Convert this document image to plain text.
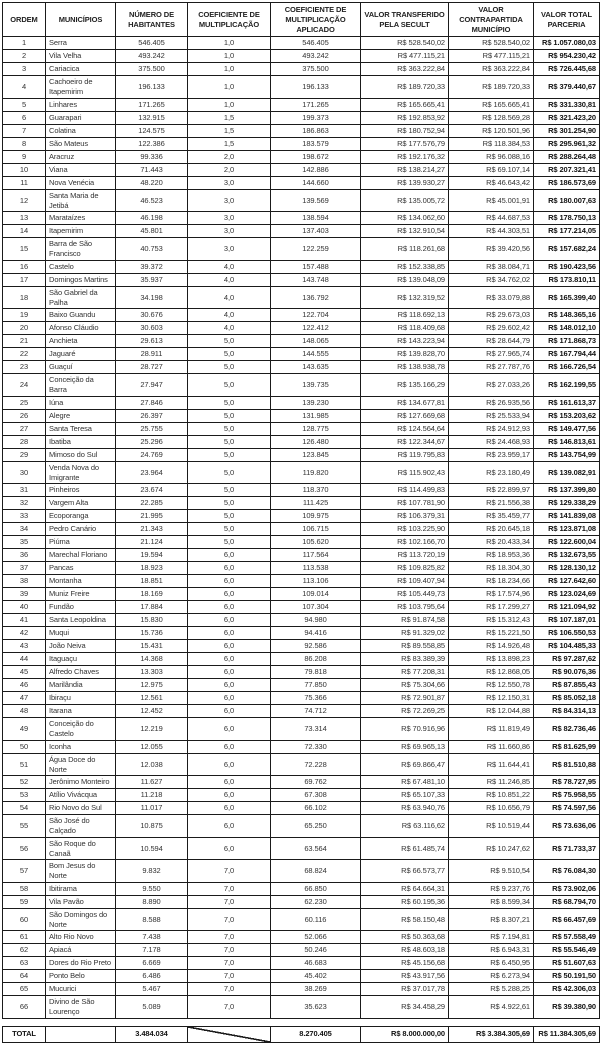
ORDEM	MUNICÍPIOS	NÚMERO DE HABITANTES	COEFICIENTE DE MULTIPLICAÇÃO	COEFICIENTE DE MULTIPLICAÇÃO APLICADO	VALOR TRANSFERIDO PELA SECULT	VALOR CONTRAPARTIDA MUNICÍPIO	VALOR TOTAL PARCERIA
1	Serra	546.405	1,0	546.405	R$ 528.540,02	R$ 528.540,02	R$ 1.057.080,03
2	Vila Velha	493.242	1,0	493.242	R$ 477.115,21	R$ 477.115,21	R$ 954.230,42
3	Cariacica	375.500	1,0	375.500	R$ 363.222,84	R$ 363.222,84	R$ 726.445,68
4	Cachoeiro de Itapemirim	196.133	1,0	196.133	R$ 189.720,33	R$ 189.720,33	R$ 379.440,67
5	Linhares	171.265	1,0	171.265	R$ 165.665,41	R$ 165.665,41	R$ 331.330,81
6	Guarapari	132.915	1,5	199.373	R$ 192.853,92	R$ 128.569,28	R$ 321.423,20
7	Colatina	124.575	1,5	186.863	R$ 180.752,94	R$ 120.501,96	R$ 301.254,90
8	São Mateus	122.386	1,5	183.579	R$ 177.576,79	R$ 118.384,53	R$ 295.961,32
9	Aracruz	99.336	2,0	198.672	R$ 192.176,32	R$ 96.088,16	R$ 288.264,48
10	Viana	71.443	2,0	142.886	R$ 138.214,27	R$ 69.107,14	R$ 207.321,41
11	Nova Venécia	48.220	3,0	144.660	R$ 139.930,27	R$ 46.643,42	R$ 186.573,69
12	Santa Maria de Jetibá	46.523	3,0	139.569	R$ 135.005,72	R$ 45.001,91	R$ 180.007,63
13	Marataízes	46.198	3,0	138.594	R$ 134.062,60	R$ 44.687,53	R$ 178.750,13
14	Itapemirim	45.801	3,0	137.403	R$ 132.910,54	R$ 44.303,51	R$ 177.214,05
15	Barra de São Francisco	40.753	3,0	122.259	R$ 118.261,68	R$ 39.420,56	R$ 157.682,24
16	Castelo	39.372	4,0	157.488	R$ 152.338,85	R$ 38.084,71	R$ 190.423,56
17	Domingos Martins	35.937	4,0	143.748	R$ 139.048,09	R$ 34.762,02	R$ 173.810,11
18	São Gabriel da Palha	34.198	4,0	136.792	R$ 132.319,52	R$ 33.079,88	R$ 165.399,40
19	Baixo Guandu	30.676	4,0	122.704	R$ 118.692,13	R$ 29.673,03	R$ 148.365,16
20	Afonso Cláudio	30.603	4,0	122.412	R$ 118.409,68	R$ 29.602,42	R$ 148.012,10
21	Anchieta	29.613	5,0	148.065	R$ 143.223,94	R$ 28.644,79	R$ 171.868,73
22	Jaguaré	28.911	5,0	144.555	R$ 139.828,70	R$ 27.965,74	R$ 167.794,44
23	Guaçuí	28.727	5,0	143.635	R$ 138.938,78	R$ 27.787,76	R$ 166.726,54
24	Conceição da Barra	27.947	5,0	139.735	R$ 135.166,29	R$ 27.033,26	R$ 162.199,55
25	Iúna	27.846	5,0	139.230	R$ 134.677,81	R$ 26.935,56	R$ 161.613,37
26	Alegre	26.397	5,0	131.985	R$ 127.669,68	R$ 25.533,94	R$ 153.203,62
27	Santa Teresa	25.755	5,0	128.775	R$ 124.564,64	R$ 24.912,93	R$ 149.477,56
28	Ibatiba	25.296	5,0	126.480	R$ 122.344,67	R$ 24.468,93	R$ 146.813,61
29	Mimoso do Sul	24.769	5,0	123.845	R$ 119.795,83	R$ 23.959,17	R$ 143.754,99
30	Venda Nova do Imigrante	23.964	5,0	119.820	R$ 115.902,43	R$ 23.180,49	R$ 139.082,91
31	Pinheiros	23.674	5,0	118.370	R$ 114.499,83	R$ 22.899,97	R$ 137.399,80
32	Vargem Alta	22.285	5,0	111.425	R$ 107.781,90	R$ 21.556,38	R$ 129.338,29
33	Ecoporanga	21.995	5,0	109.975	R$ 106.379,31	R$ 35.459,77	R$ 141.839,08
34	Pedro Canário	21.343	5,0	106.715	R$ 103.225,90	R$ 20.645,18	R$ 123.871,08
35	Piúma	21.124	5,0	105.620	R$ 102.166,70	R$ 20.433,34	R$ 122.600,04
36	Marechal Floriano	19.594	6,0	117.564	R$ 113.720,19	R$ 18.953,36	R$ 132.673,55
37	Pancas	18.923	6,0	113.538	R$ 109.825,82	R$ 18.304,30	R$ 128.130,12
38	Montanha	18.851	6,0	113.106	R$ 109.407,94	R$ 18.234,66	R$ 127.642,60
39	Muniz Freire	18.169	6,0	109.014	R$ 105.449,73	R$ 17.574,96	R$ 123.024,69
40	Fundão	17.884	6,0	107.304	R$ 103.795,64	R$ 17.299,27	R$ 121.094,92
41	Santa Leopoldina	15.830	6,0	94.980	R$ 91.874,58	R$ 15.312,43	R$ 107.187,01
42	Muqui	15.736	6,0	94.416	R$ 91.329,02	R$ 15.221,50	R$ 106.550,53
43	João Neiva	15.431	6,0	92.586	R$ 89.558,85	R$ 14.926,48	R$ 104.485,33
44	Itaguaçu	14.368	6,0	86.208	R$ 83.389,39	R$ 13.898,23	R$ 97.287,62
45	Alfredo Chaves	13.303	6,0	79.818	R$ 77.208,31	R$ 12.868,05	R$ 90.076,36
46	Marilândia	12.975	6,0	77.850	R$ 75.304,66	R$ 12.550,78	R$ 87.855,43
47	Ibiraçu	12.561	6,0	75.366	R$ 72.901,87	R$ 12.150,31	R$ 85.052,18
48	Itarana	12.452	6,0	74.712	R$ 72.269,25	R$ 12.044,88	R$ 84.314,13
49	Conceição do Castelo	12.219	6,0	73.314	R$ 70.916,96	R$ 11.819,49	R$ 82.736,46
50	Iconha	12.055	6,0	72.330	R$ 69.965,13	R$ 11.660,86	R$ 81.625,99
51	Água Doce do Norte	12.038	6,0	72.228	R$ 69.866,47	R$ 11.644,41	R$ 81.510,88
52	Jerônimo Monteiro	11.627	6,0	69.762	R$ 67.481,10	R$ 11.246,85	R$ 78.727,95
53	Atílio Vivácqua	11.218	6,0	67.308	R$ 65.107,33	R$ 10.851,22	R$ 75.958,55
54	Rio Novo do Sul	11.017	6,0	66.102	R$ 63.940,76	R$ 10.656,79	R$ 74.597,56
55	São José do Calçado	10.875	6,0	65.250	R$ 63.116,62	R$ 10.519,44	R$ 73.636,06
56	São Roque do Canaã	10.594	6,0	63.564	R$ 61.485,74	R$ 10.247,62	R$ 71.733,37
57	Bom Jesus do Norte	9.832	7,0	68.824	R$ 66.573,77	R$ 9.510,54	R$ 76.084,30
58	Ibitirama	9.550	7,0	66.850	R$ 64.664,31	R$ 9.237,76	R$ 73.902,06
59	Vila Pavão	8.890	7,0	62.230	R$ 60.195,36	R$ 8.599,34	R$ 68.794,70
60	São Domingos do Norte	8.588	7,0	60.116	R$ 58.150,48	R$ 8.307,21	R$ 66.457,69
61	Alto Rio Novo	7.438	7,0	52.066	R$ 50.363,68	R$ 7.194,81	R$ 57.558,49
62	Apiacá	7.178	7,0	50.246	R$ 48.603,18	R$ 6.943,31	R$ 55.546,49
63	Dores do Rio Preto	6.669	7,0	46.683	R$ 45.156,68	R$ 6.450,95	R$ 51.607,63
64	Ponto Belo	6.486	7,0	45.402	R$ 43.917,56	R$ 6.273,94	R$ 50.191,50
65	Mucurici	5.467	7,0	38.269	R$ 37.017,78	R$ 5.288,25	R$ 42.306,03
66	Divino de São Lourenço	5.089	7,0	35.623	R$ 34.458,29	R$ 4.922,61	R$ 39.380,90
TOTAL		3.484.034		8.270.405	R$ 8.000.000,00	R$ 3.384.305,69	R$ 11.384.305,69
